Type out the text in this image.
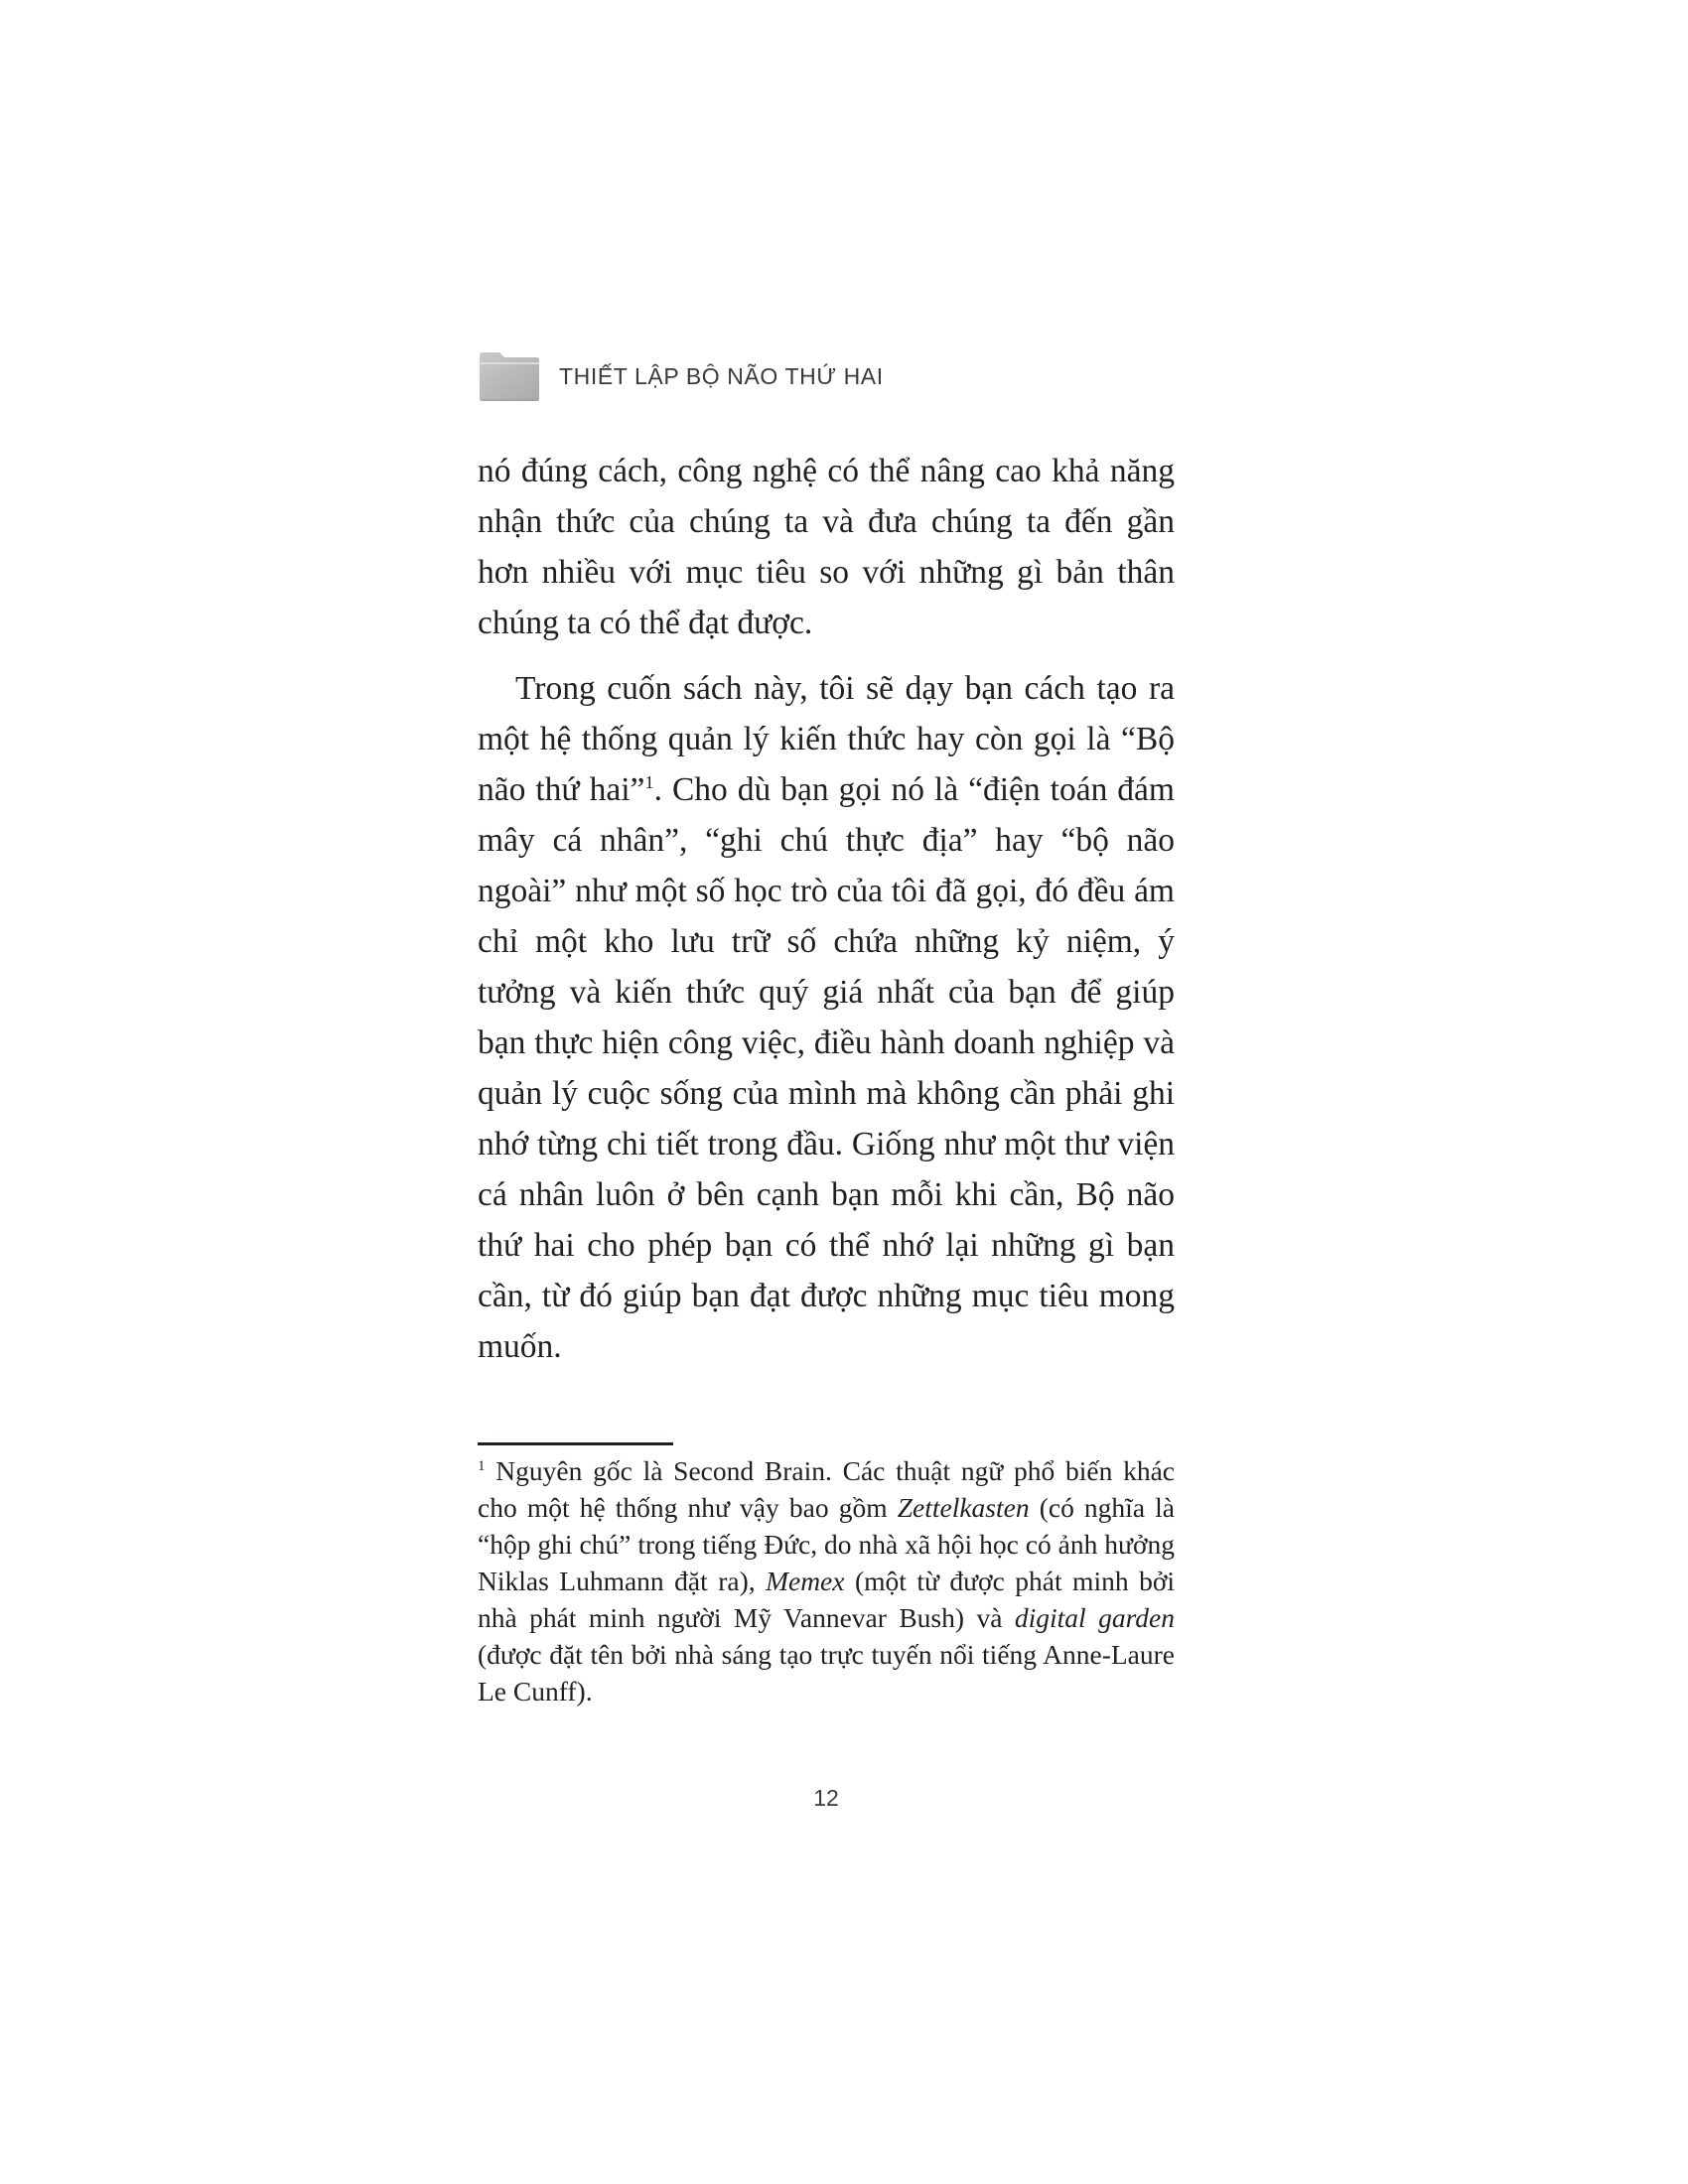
THIẾT LẬP BỘ NÃO THỨ HAI

nó đúng cách, công nghệ có thể nâng cao khả năng nhận thức của chúng ta và đưa chúng ta đến gần hơn nhiều với mục tiêu so với những gì bản thân chúng ta có thể đạt được.

Trong cuốn sách này, tôi sẽ dạy bạn cách tạo ra một hệ thống quản lý kiến thức hay còn gọi là “Bộ não thứ hai”$^1$. Cho dù bạn gọi nó là “điện toán đám mây cá nhân”, “ghi chú thực địa” hay “bộ não ngoài” như một số học trò của tôi đã gọi, đó đều ám chỉ một kho lưu trữ số chứa những kỷ niệm, ý tưởng và kiến thức quý giá nhất của bạn để giúp bạn thực hiện công việc, điều hành doanh nghiệp và quản lý cuộc sống của mình mà không cần phải ghi nhớ từng chi tiết trong đầu. Giống như một thư viện cá nhân luôn ở bên cạnh bạn mỗi khi cần, Bộ não thứ hai cho phép bạn có thể nhớ lại những gì bạn cần, từ đó giúp bạn đạt được những mục tiêu mong muốn.

$^1$ Nguyên gốc là Second Brain. Các thuật ngữ phổ biến khác cho một hệ thống như vậy bao gồm Zettelkasten (có nghĩa là “hộp ghi chú” trong tiếng Đức, do nhà xã hội học có ảnh hưởng Niklas Luhmann đặt ra), Memex (một từ được phát minh bởi nhà phát minh người Mỹ Vannevar Bush) và digital garden (được đặt tên bởi nhà sáng tạo trực tuyến nổi tiếng Anne-Laure Le Cunff).

12
